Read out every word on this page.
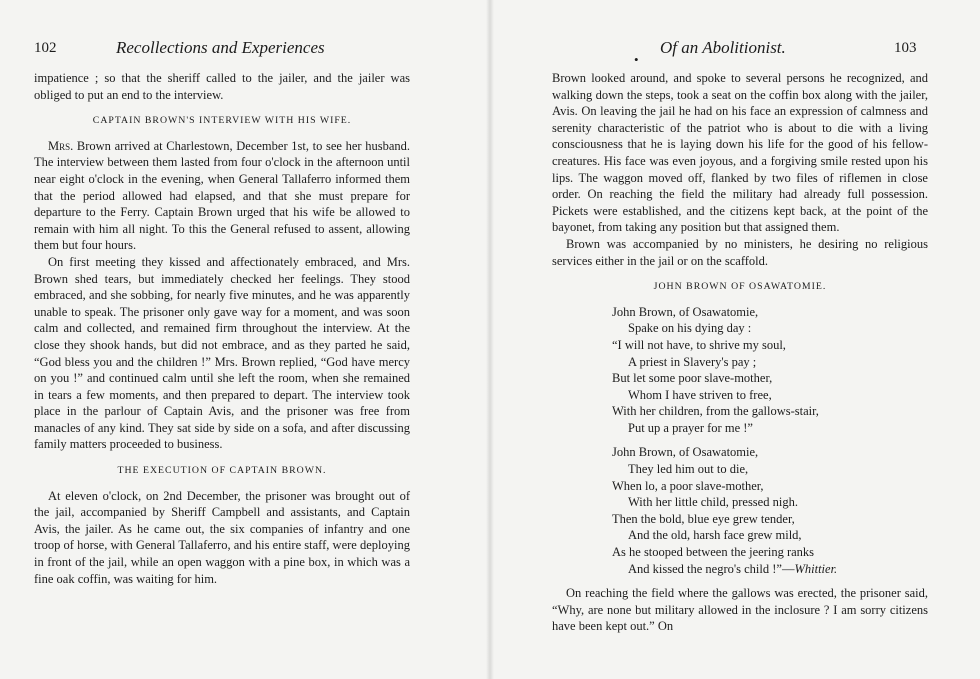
102	Recollections and Experiences

impatience ; so that the sheriff called to the jailer, and the jailer was obliged to put an end to the interview.

CAPTAIN BROWN'S INTERVIEW WITH HIS WIFE.

Mrs. Brown arrived at Charlestown, December 1st, to see her husband. The interview between them lasted from four o'clock in the afternoon until near eight o'clock in the evening, when General Tallaferro informed them that the period allowed had elapsed, and that she must prepare for departure to the Ferry. Captain Brown urged that his wife be allowed to remain with him all night. To this the General refused to assent, allowing them but four hours.

On first meeting they kissed and affectionately embraced, and Mrs. Brown shed tears, but immediately checked her feelings. They stood embraced, and she sobbing, for nearly five minutes, and he was apparently unable to speak. The prisoner only gave way for a moment, and was soon calm and collected, and remained firm throughout the interview. At the close they shook hands, but did not embrace, and as they parted he said, “God bless you and the children !” Mrs. Brown replied, “God have mercy on you !” and continued calm until she left the room, when she remained in tears a few moments, and then prepared to depart. The interview took place in the parlour of Captain Avis, and the prisoner was free from manacles of any kind. They sat side by side on a sofa, and after discussing family matters proceeded to business.

THE EXECUTION OF CAPTAIN BROWN.

At eleven o'clock, on 2nd December, the prisoner was brought out of the jail, accompanied by Sheriff Campbell and assistants, and Captain Avis, the jailer. As he came out, the six companies of infantry and one troop of horse, with General Tallaferro, and his entire staff, were deploying in front of the jail, while an open waggon with a pine box, in which was a fine oak coffin, was waiting for him.

Of an Abolitionist.
•
103

Brown looked around, and spoke to several persons he recognized, and walking down the steps, took a seat on the coffin box along with the jailer, Avis. On leaving the jail he had on his face an expression of calmness and serenity characteristic of the patriot who is about to die with a living consciousness that he is laying down his life for the good of his fellow-creatures. His face was even joyous, and a forgiving smile rested upon his lips. The waggon moved off, flanked by two files of riflemen in close order. On reaching the field the military had already full possession. Pickets were established, and the citizens kept back, at the point of the bayonet, from taking any position but that assigned them.

Brown was accompanied by no ministers, he desiring no religious services either in the jail or on the scaffold.

JOHN BROWN OF OSAWATOMIE.
John Brown, of Osawatomie,
Spake on his dying day :
“I will not have, to shrive my soul,
A priest in Slavery's pay ;
But let some poor slave-mother,
Whom I have striven to free,
With her children, from the gallows-stair,
Put up a prayer for me !”
John Brown, of Osawatomie,
They led him out to die,
When lo, a poor slave-mother,
With her little child, pressed nigh.
Then the bold, blue eye grew tender,
And the old, harsh face grew mild,
As he stooped between the jeering ranks
And kissed the negro's child !”—Whittier.

On reaching the field where the gallows was erected, the prisoner said, “Why, are none but military allowed in the inclosure ? I am sorry citizens have been kept out.” On
